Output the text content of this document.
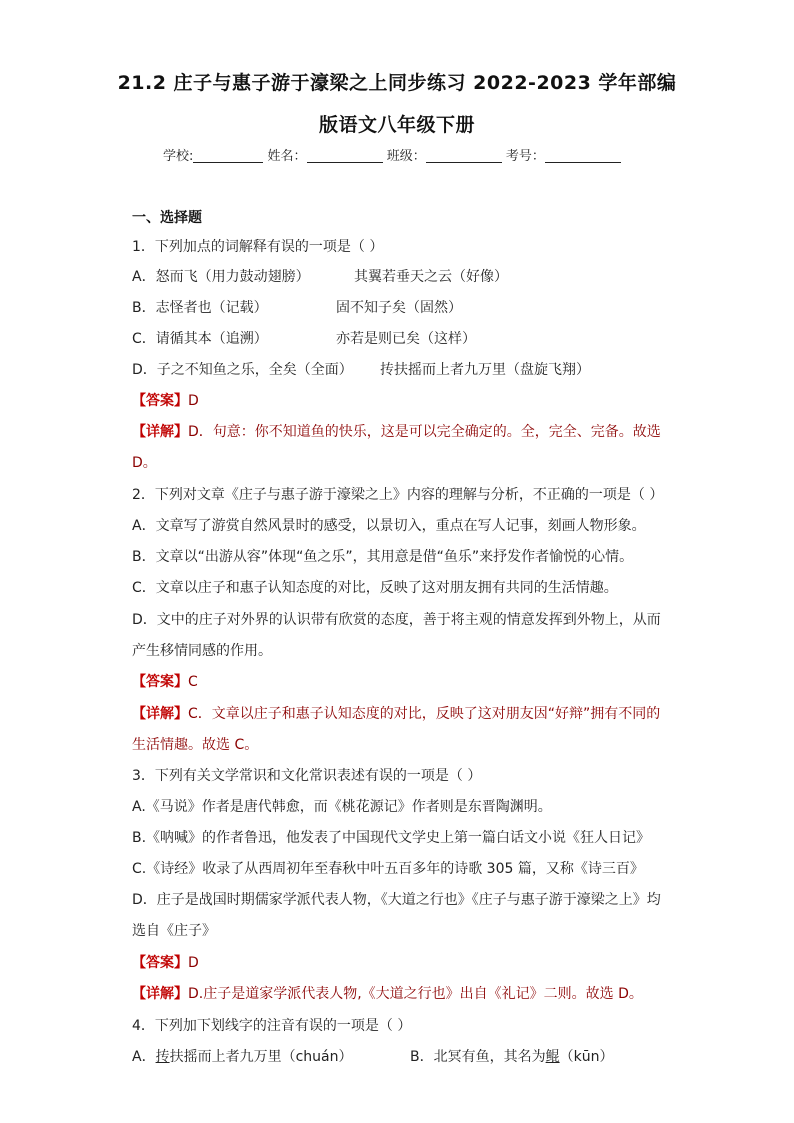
21.2 庄子与惠子游于濠梁之上同步练习 2022-2023 学年部编
版语文八年级下册
学校:	姓名：	班级：	考号：
一、选择题
1．下列加点的词解释有误的一项是（ ）
A．怒而飞（用力鼓动翅膀）	其翼若垂天之云（好像）
B．志怪者也（记载）	固不知子矣（固然）
C．请循其本（追溯）	亦若是则已矣（这样）
D．子之不知鱼之乐，全矣（全面） 抟扶摇而上者九万里（盘旋飞翔）
【答案】D
【详解】D．句意：你不知道鱼的快乐，这是可以完全确定的。全，完全、完备。故选
D。
2．下列对文章《庄子与惠子游于濠梁之上》内容的理解与分析，不正确的一项是（ ）
A．文章写了游赏自然风景时的感受，以景切入，重点在写人记事，刻画人物形象。
B．文章以“出游从容”体现“鱼之乐”，其用意是借“鱼乐”来抒发作者愉悦的心情。
C．文章以庄子和惠子认知态度的对比，反映了这对朋友拥有共同的生活情趣。
D．文中的庄子对外界的认识带有欣赏的态度，善于将主观的情意发挥到外物上，从而
产生移情同感的作用。
【答案】C
【详解】C．文章以庄子和惠子认知态度的对比，反映了这对朋友因“好辩”拥有不同的
生活情趣。故选 C。
3．下列有关文学常识和文化常识表述有误的一项是（ ）
A.《马说》作者是唐代韩愈，而《桃花源记》作者则是东晋陶渊明。
B.《呐喊》的作者鲁迅，他发表了中国现代文学史上第一篇白话文小说《狂人日记》
C.《诗经》收录了从西周初年至春秋中叶五百多年的诗歌 305 篇，又称《诗三百》
D．庄子是战国时期儒家学派代表人物，《大道之行也》《庄子与惠子游于濠梁之上》均
选自《庄子》
【答案】D
【详解】D.庄子是道家学派代表人物,《大道之行也》出自《礼记》二则。故选 D。
4．下列加下划线字的注音有误的一项是（ ）
A．抟扶摇而上者九万里（chuán）	B．北冥有鱼，其名为鲲（kūn）
